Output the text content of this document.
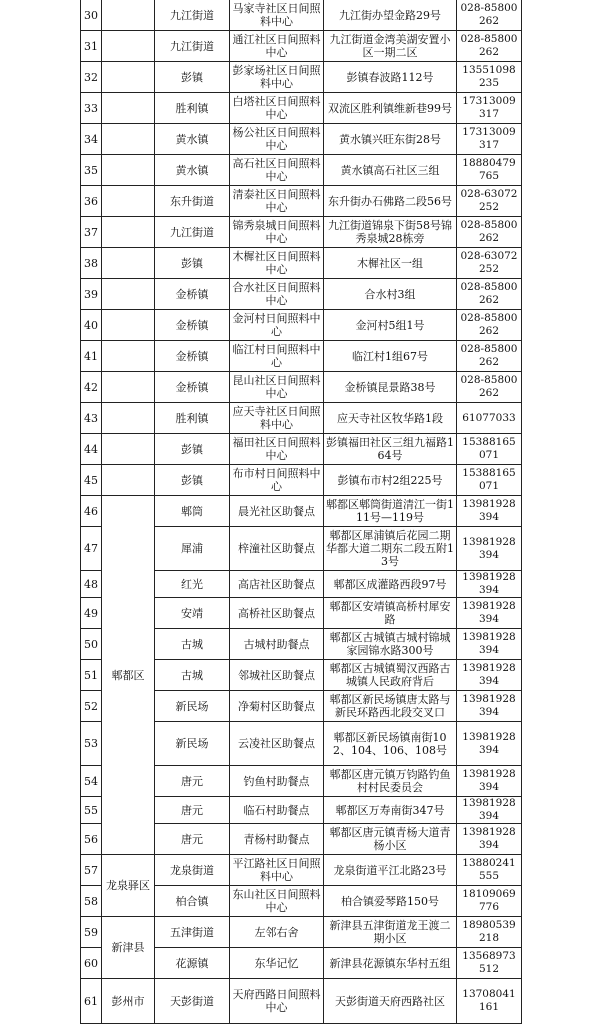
30		九江街道	马家寺社区日间照料中心	九江街办望金路29号	028-85800262
31		九江街道	通江社区日间照料中心	九江街道金湾美湖安置小区一期二区	028-85800262
32		彭镇	彭家场社区日间照料中心	彭镇春波路112号	13551098235
33		胜利镇	白塔社区日间照料中心	双流区胜利镇维新巷99号	17313009317
34		黄水镇	杨公社区日间照料中心	黄水镇兴旺东街28号	17313009317
35		黄水镇	高石社区日间照料中心	黄水镇高石社区三组	18880479765
36		东升街道	清泰社区日间照料中心	东升街办石佛路二段56号	028-63072252
37		九江街道	锦秀泉城日间照料中心	九江街道锦泉下街58号锦秀泉城28栋旁	028-85800262
38		彭镇	木樨社区日间照料中心	木樨社区一组	028-63072252
39		金桥镇	合水社区日间照料中心	合水村3组	028-85800262
40		金桥镇	金河村日间照料中心	金河村5组1号	028-85800262
41		金桥镇	临江村日间照料中心	临江村1组67号	028-85800262
42		金桥镇	昆山社区日间照料中心	金桥镇昆景路38号	028-85800262
43		胜利镇	应天寺社区日间照料中心	应天寺社区牧华路1段	61077033
44		彭镇	福田社区日间照料中心	彭镇福田社区三组九福路164号	15388165071
45		彭镇	布市村日间照料中心	彭镇布市村2组225号	15388165071
46	郫都区	郫筒	晨光社区助餐点	郫都区郫筒街道清江一街111号—119号	13981928394
47		犀浦	梓潼社区助餐点	郫都区犀浦镇后花园二期华都大道二期东二段五附13号	13981928394
48		红光	高店社区助餐点	郫都区成灌路西段97号	13981928394
49		安靖	高桥社区助餐点	郫都区安靖镇高桥村犀安路	13981928394
50		古城	古城村助餐点	郫都区古城镇古城村锦城家园锦水路300号	13981928394
51		古城	邻城社区助餐点	郫都区古城镇蜀汉西路古城镇人民政府背后	13981928394
52		新民场	净菊村区助餐点	郫都区新民场镇唐太路与新民环路西北段交叉口	13981928394
53		新民场	云凌社区助餐点	郫都区新民场镇南街102、104、106、108号	13981928394
54		唐元	钓鱼村助餐点	郫都区唐元镇万钧路钓鱼村村民委员会	13981928394
55		唐元	临石村助餐点	郫都区万寿南街347号	13981928394
56		唐元	青杨村助餐点	郫都区唐元镇青杨大道青杨小区	13981928394
57	龙泉驿区	龙泉街道	平江路社区日间照料中心	龙泉街道平江北路23号	13880241555
58		柏合镇	东山社区日间照料中心	柏合镇爱琴路150号	18109069776
59	新津县	五津街道	左邻右舍	新津县五津街道龙王渡二期小区	18980539218
60		花源镇	东华记忆	新津县花源镇东华村五组	13568973512
61	彭州市	天彭街道	天府西路日间照料中心	天彭街道天府西路社区	13708041161
